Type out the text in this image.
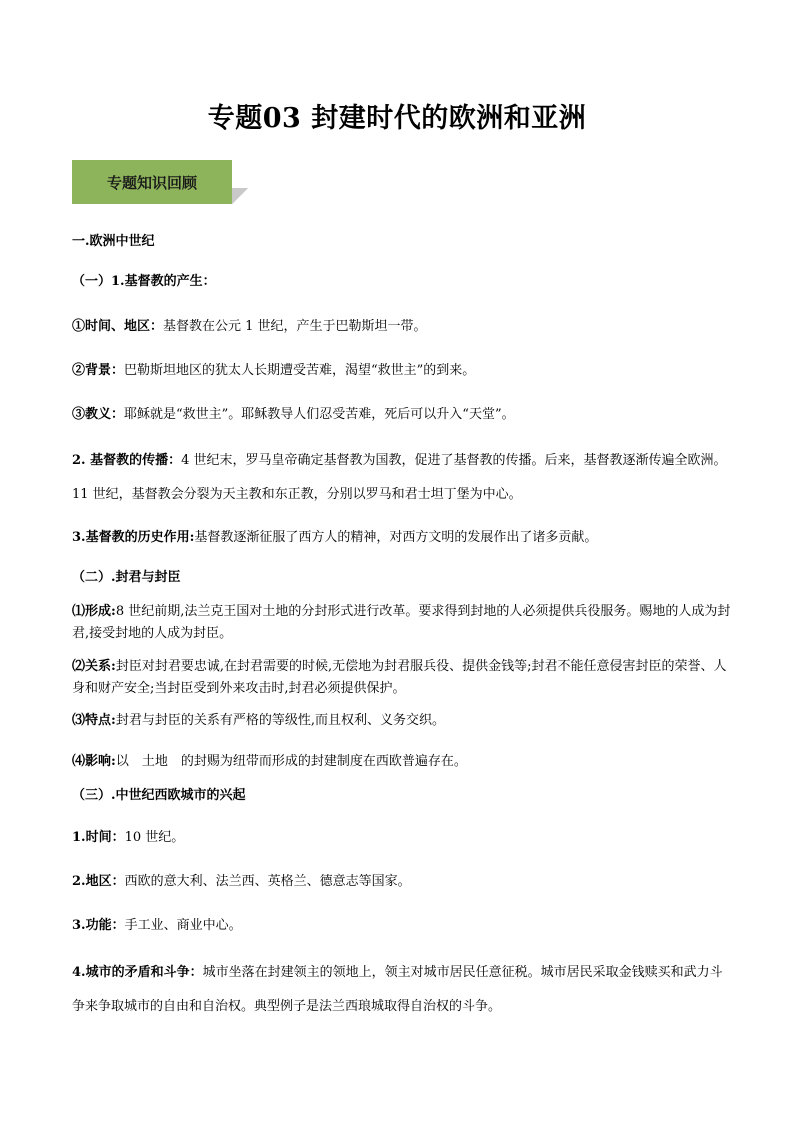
专题03 封建时代的欧洲和亚洲
专题知识回顾
一.欧洲中世纪
（一）1.基督教的产生：
①时间、地区：基督教在公元 1 世纪，产生于巴勒斯坦一带。
②背景：巴勒斯坦地区的犹太人长期遭受苦难，渴望“救世主”的到来。
③教义：耶稣就是“救世主”。耶稣教导人们忍受苦难，死后可以升入“天堂”。
2. 基督教的传播：4 世纪末，罗马皇帝确定基督教为国教，促进了基督教的传播。后来，基督教逐渐传遍全欧洲。11 世纪，基督教会分裂为天主教和东正教，分别以罗马和君士坦丁堡为中心。
3.基督教的历史作用:基督教逐渐征服了西方人的精神，对西方文明的发展作出了诸多贡献。
（二）.封君与封臣
⑴形成:8 世纪前期,法兰克王国对土地的分封形式进行改革。要求得到封地的人必须提供兵役服务。赐地的人成为封君,接受封地的人成为封臣。
⑵关系:封臣对封君要忠诚,在封君需要的时候,无偿地为封君服兵役、提供金钱等;封君不能任意侵害封臣的荣誉、人身和财产安全;当封臣受到外来攻击时,封君必须提供保护。
⑶特点:封君与封臣的关系有严格的等级性,而且权利、义务交织。
⑷影响:以　土地　的封赐为纽带而形成的封建制度在西欧普遍存在。
（三）.中世纪西欧城市的兴起
1.时间：10 世纪。
2.地区：西欧的意大利、法兰西、英格兰、德意志等国家。
3.功能：手工业、商业中心。
4.城市的矛盾和斗争：城市坐落在封建领主的领地上，领主对城市居民任意征税。城市居民采取金钱赎买和武力斗争来争取城市的自由和自治权。典型例子是法兰西琅城取得自治权的斗争。
